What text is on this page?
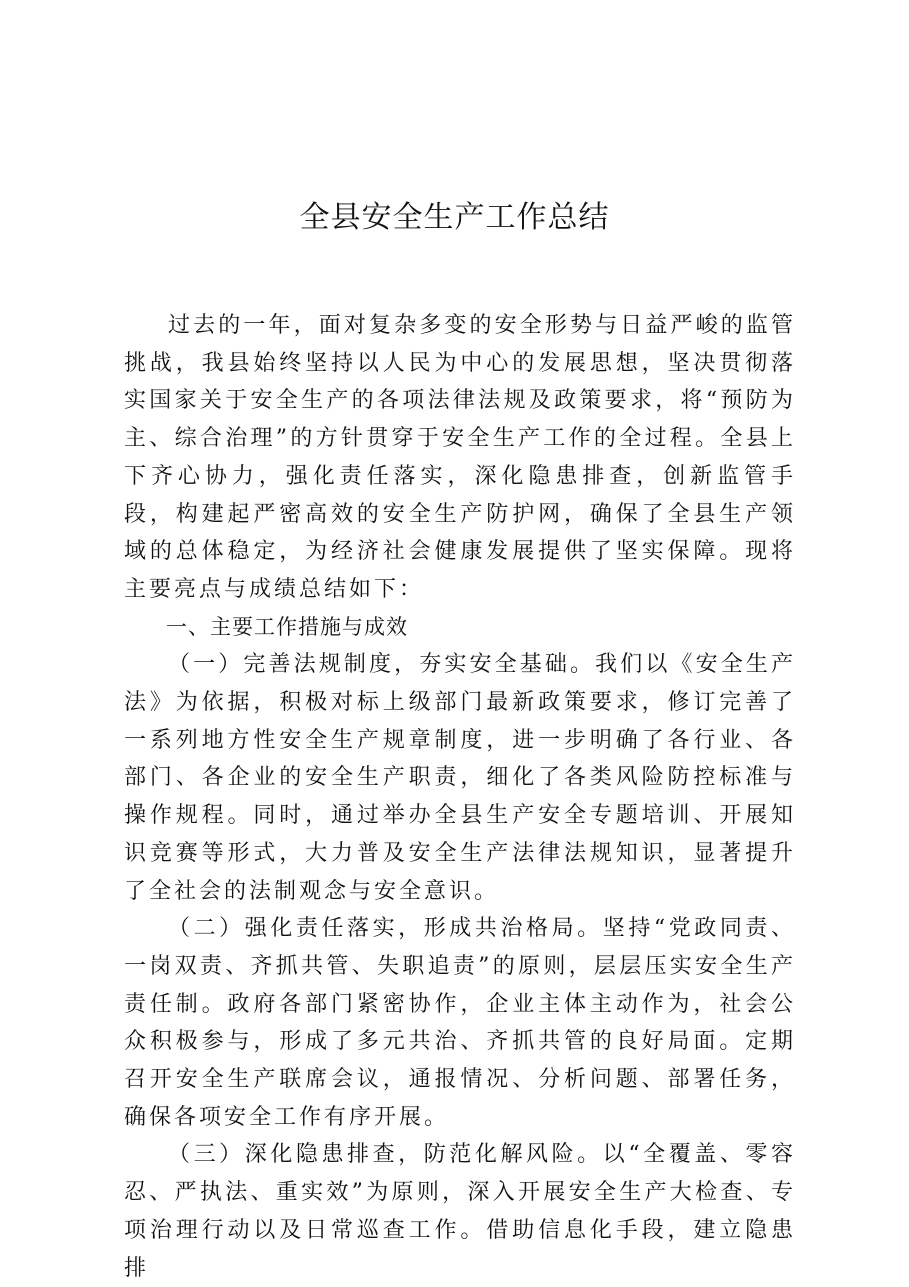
全县安全生产工作总结

过去的一年，面对复杂多变的安全形势与日益严峻的监管挑战，我县始终坚持以人民为中心的发展思想，坚决贯彻落实国家关于安全生产的各项法律法规及政策要求，将“预防为主、综合治理”的方针贯穿于安全生产工作的全过程。全县上下齐心协力，强化责任落实，深化隐患排查，创新监管手段，构建起严密高效的安全生产防护网，确保了全县生产领域的总体稳定，为经济社会健康发展提供了坚实保障。现将主要亮点与成绩总结如下：

一、主要工作措施与成效

（一）完善法规制度，夯实安全基础。我们以《安全生产法》为依据，积极对标上级部门最新政策要求，修订完善了一系列地方性安全生产规章制度，进一步明确了各行业、各部门、各企业的安全生产职责，细化了各类风险防控标准与操作规程。同时，通过举办全县生产安全专题培训、开展知识竞赛等形式，大力普及安全生产法律法规知识，显著提升了全社会的法制观念与安全意识。

（二）强化责任落实，形成共治格局。坚持“党政同责、一岗双责、齐抓共管、失职追责”的原则，层层压实安全生产责任制。政府各部门紧密协作，企业主体主动作为，社会公众积极参与，形成了多元共治、齐抓共管的良好局面。定期召开安全生产联席会议，通报情况、分析问题、部署任务，确保各项安全工作有序开展。

（三）深化隐患排查，防范化解风险。以“全覆盖、零容忍、严执法、重实效”为原则，深入开展安全生产大检查、专项治理行动以及日常巡查工作。借助信息化手段，建立隐患排
